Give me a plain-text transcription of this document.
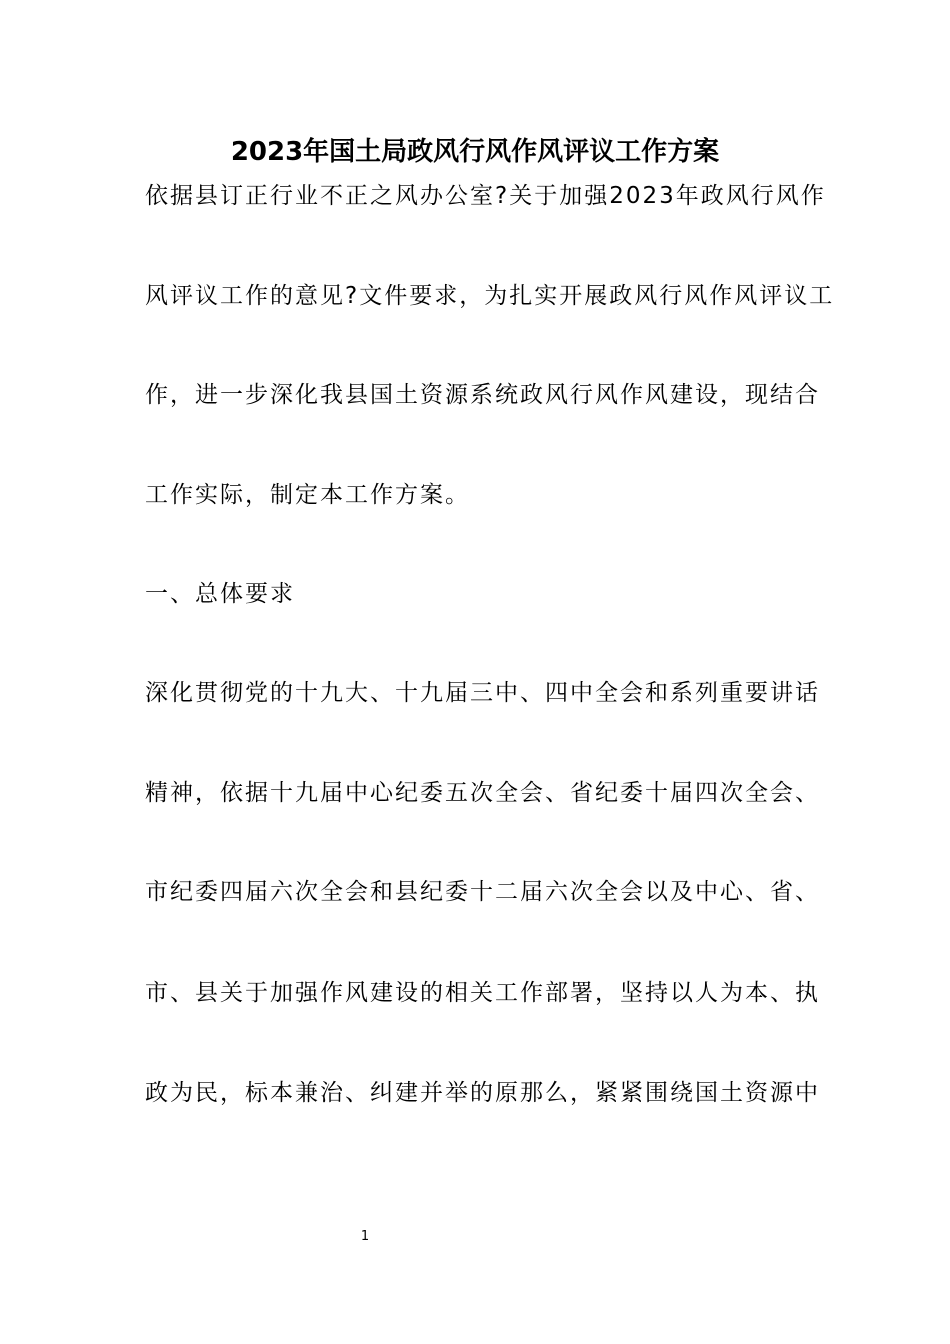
2023年国土局政风行风作风评议工作方案
依据县订正行业不正之风办公室?关于加强2023年政风行风作
风评议工作的意见?文件要求，为扎实开展政风行风作风评议工
作，进一步深化我县国土资源系统政风行风作风建设，现结合
工作实际，制定本工作方案。
一、总体要求
深化贯彻党的十九大、十九届三中、四中全会和系列重要讲话
精神，依据十九届中心纪委五次全会、省纪委十届四次全会、
市纪委四届六次全会和县纪委十二届六次全会以及中心、省、
市、县关于加强作风建设的相关工作部署，坚持以人为本、执
政为民，标本兼治、纠建并举的原那么，紧紧围绕国土资源中
1
